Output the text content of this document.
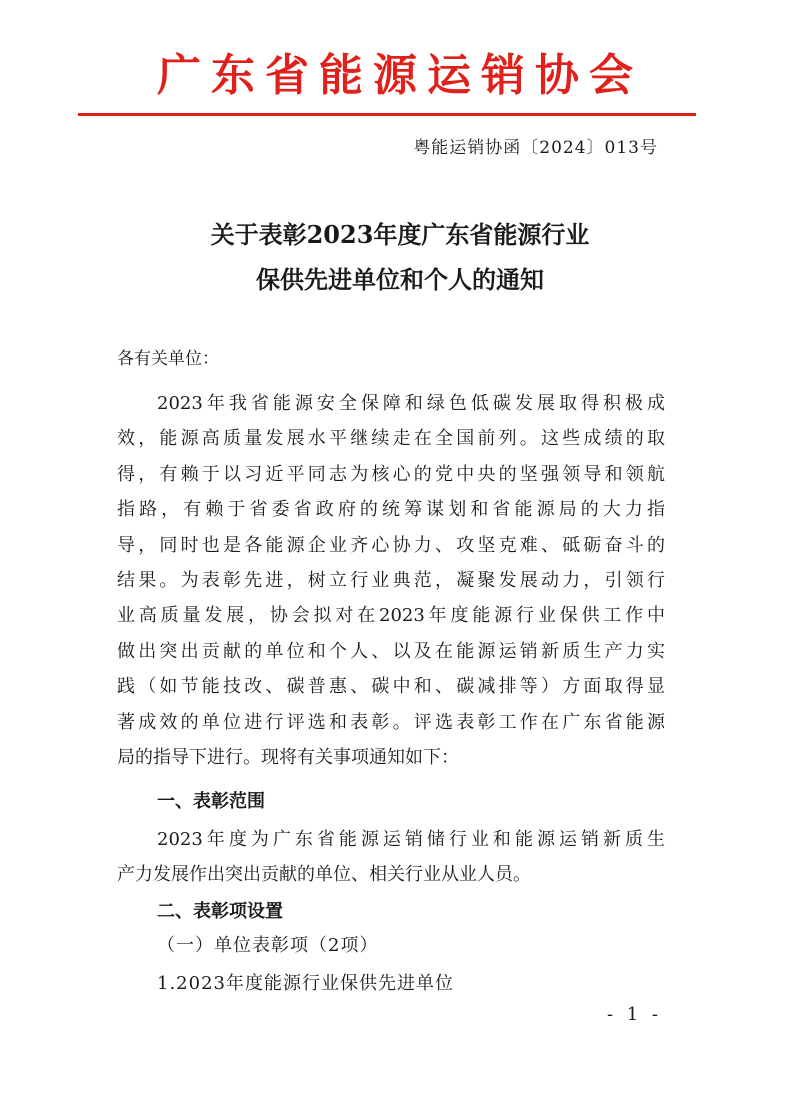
广东省能源运销协会
粤能运销协函〔2024〕013号
关于表彰2023年度广东省能源行业
保供先进单位和个人的通知
各有关单位：
2023年我省能源安全保障和绿色低碳发展取得积极成
效，能源高质量发展水平继续走在全国前列。这些成绩的取
得，有赖于以习近平同志为核心的党中央的坚强领导和领航
指路，有赖于省委省政府的统筹谋划和省能源局的大力指
导，同时也是各能源企业齐心协力、攻坚克难、砥砺奋斗的
结果。为表彰先进，树立行业典范，凝聚发展动力，引领行
业高质量发展，协会拟对在2023年度能源行业保供工作中
做出突出贡献的单位和个人、以及在能源运销新质生产力实
践（如节能技改、碳普惠、碳中和、碳减排等）方面取得显
著成效的单位进行评选和表彰。评选表彰工作在广东省能源
局的指导下进行。现将有关事项通知如下：
一、表彰范围
2023年度为广东省能源运销储行业和能源运销新质生
产力发展作出突出贡献的单位、相关行业从业人员。
二、表彰项设置
（一）单位表彰项（2项）
1.2023年度能源行业保供先进单位
- 1 -
